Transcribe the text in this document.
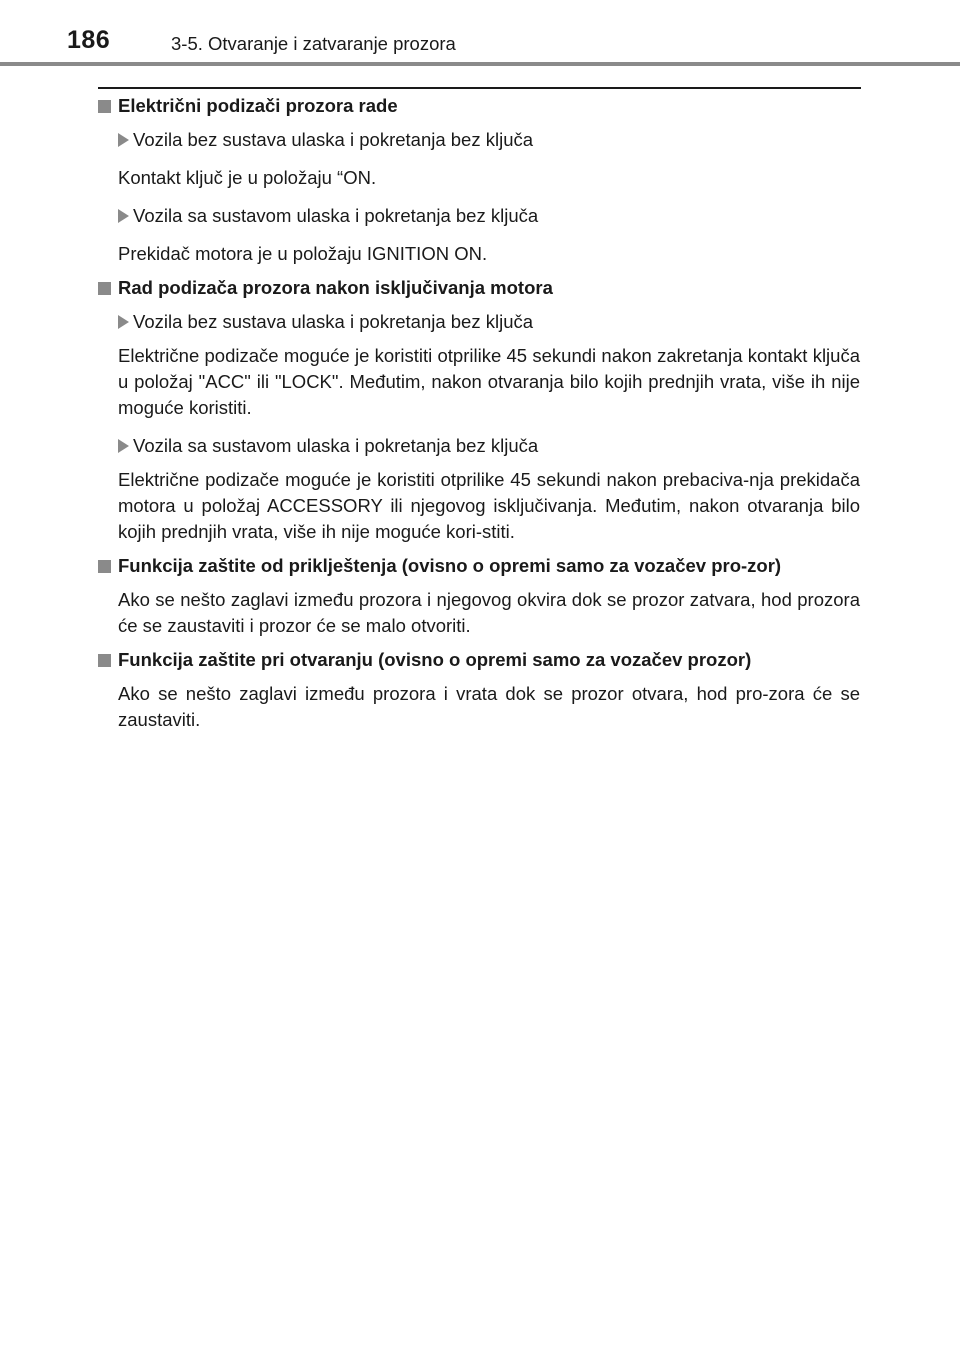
186	3-5. Otvaranje i zatvaranje prozora
Električni podizači prozora rade
Vozila bez sustava ulaska i pokretanja bez ključa
Kontakt ključ je u položaju “ON.
Vozila sa sustavom ulaska i pokretanja bez ključa
Prekidač motora je u položaju IGNITION ON.
Rad podizača prozora nakon isključivanja motora
Vozila bez sustava ulaska i pokretanja bez ključa
Električne podizače moguće je koristiti otprilike 45 sekundi nakon zakretanja kontakt ključa u položaj "ACC" ili "LOCK". Međutim, nakon otvaranja bilo kojih prednjih vrata, više ih nije moguće koristiti.
Vozila sa sustavom ulaska i pokretanja bez ključa
Električne podizače moguće je koristiti otprilike 45 sekundi nakon prebaciva-nja prekidača motora u položaj ACCESSORY ili njegovog isključivanja. Međutim, nakon otvaranja bilo kojih prednjih vrata, više ih nije moguće kori-stiti.
Funkcija zaštite od priklještenja (ovisno o opremi samo za vozačev pro-zor)
Ako se nešto zaglavi između prozora i njegovog okvira dok se prozor zatvara, hod prozora će se zaustaviti i prozor će se malo otvoriti.
Funkcija zaštite pri otvaranju (ovisno o opremi samo za vozačev prozor)
Ako se nešto zaglavi između prozora i vrata dok se prozor otvara, hod pro-zora će se zaustaviti.
